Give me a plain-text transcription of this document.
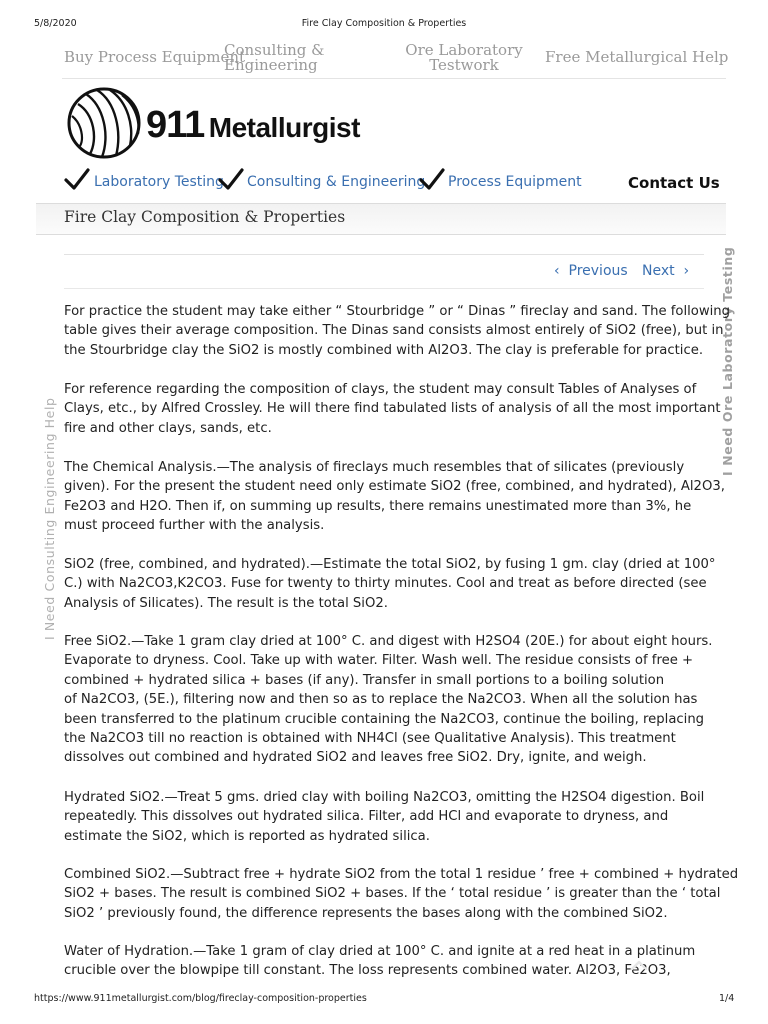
5/8/2020	Fire Clay Composition & Properties
Buy Process Equipment
Consulting &
Engineering
Ore Laboratory
Testwork	Free Metallurgical Help
911 Metallurgist
Laboratory Testing Consulting & Engineering Process Equipment	Contact Us
Fire Clay Composition & Properties
‹ Previous Next › I Need Ore Laboratory Testing
I Need Consulting Engineering Help
For practice the student may take either “ Stourbridge ” or “ Dinas ” fireclay and sand. The following
table gives their average composition. The Dinas sand consists almost entirely of SiO2 (free), but in
the Stourbridge clay the SiO2 is mostly combined with Al2O3. The clay is preferable for practice.
For reference regarding the composition of clays, the student may consult Tables of Analyses of
Clays, etc., by Alfred Crossley. He will there find tabulated lists of analysis of all the most important
fire and other clays, sands, etc.
The Chemical Analysis.—The analysis of fireclays much resembles that of silicates (previously
given). For the present the student need only estimate SiO2 (free, combined, and hydrated), Al2O3,
Fe2O3 and H2O. Then if, on summing up results, there remains unestimated more than 3%, he
must proceed further with the analysis.
SiO2 (free, combined, and hydrated).—Estimate the total SiO2, by fusing 1 gm. clay (dried at 100°
C.) with Na2CO3,K2CO3. Fuse for twenty to thirty minutes. Cool and treat as before directed (see
Analysis of Silicates). The result is the total SiO2.
Free SiO2.—Take 1 gram clay dried at 100° C. and digest with H2SO4 (20E.) for about eight hours.
Evaporate to dryness. Cool. Take up with water. Filter. Wash well. The residue consists of free +
combined + hydrated silica + bases (if any). Transfer in small portions to a boiling solution
of Na2CO3, (5E.), filtering now and then so as to replace the Na2CO3. When all the solution has
been transferred to the platinum crucible containing the Na2CO3, continue the boiling, replacing
the Na2CO3 till no reaction is obtained with NH4Cl (see Qualitative Analysis). This treatment
dissolves out combined and hydrated SiO2 and leaves free SiO2. Dry, ignite, and weigh.
Hydrated SiO2.—Treat 5 gms. dried clay with boiling Na2CO3, omitting the H2SO4 digestion. Boil
repeatedly. This dissolves out hydrated silica. Filter, add HCl and evaporate to dryness, and
estimate the SiO2, which is reported as hydrated silica.
Combined SiO2.—Subtract free + hydrate SiO2 from the total 1 residue ’ free + combined + hydrated
SiO2 + bases. The result is combined SiO2 + bases. If the ‘ total residue ’ is greater than the ‘ total
SiO2 ’ previously found, the difference represents the bases along with the combined SiO2.
Water of Hydration.—Take 1 gram of clay dried at 100° C. and ignite at a red heat in a platinum
crucible over the blowpipe till constant. The loss represents combined water. Al2O3, Fe2O3,
https://www.911metallurgist.com/blog/fireclay-composition-properties	1/4
